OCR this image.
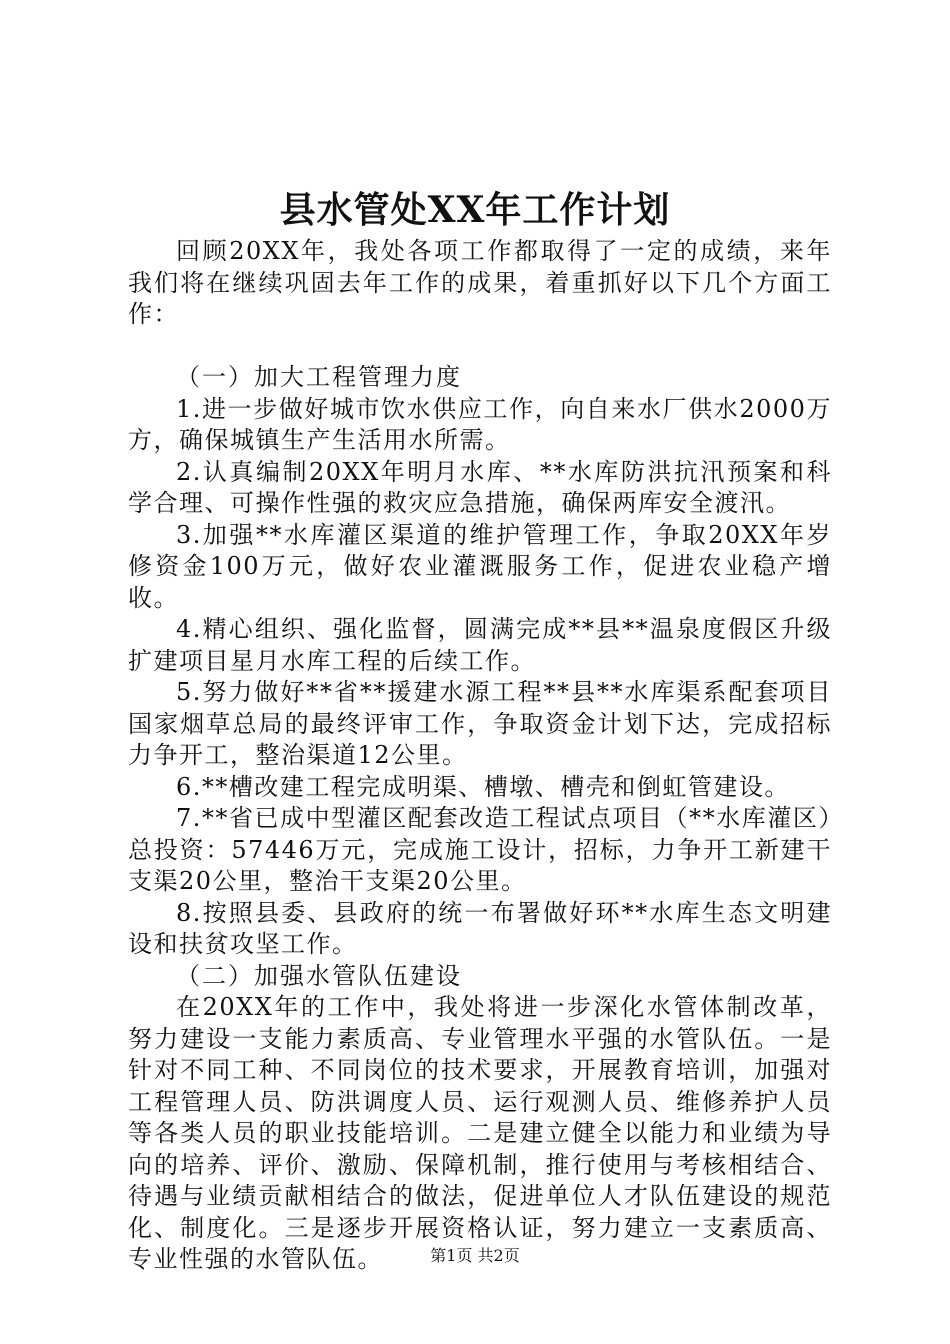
县水管处XX年工作计划

回顾20XX年，我处各项工作都取得了一定的成绩，来年我们将在继续巩固去年工作的成果，着重抓好以下几个方面工作：

（一）加大工程管理力度

1.进一步做好城市饮水供应工作，向自来水厂供水2000万方，确保城镇生产生活用水所需。

2.认真编制20XX年明月水库、**水库防洪抗汛预案和科学合理、可操作性强的救灾应急措施，确保两库安全渡汛。

3.加强**水库灌区渠道的维护管理工作，争取20XX年岁修资金100万元，做好农业灌溉服务工作，促进农业稳产增收。

4.精心组织、强化监督，圆满完成**县**温泉度假区升级扩建项目星月水库工程的后续工作。

5.努力做好**省**援建水源工程**县**水库渠系配套项目国家烟草总局的最终评审工作，争取资金计划下达，完成招标力争开工，整治渠道12公里。

6.**槽改建工程完成明渠、槽墩、槽壳和倒虹管建设。

7.**省已成中型灌区配套改造工程试点项目（**水库灌区）总投资：57446万元，完成施工设计，招标，力争开工新建干支渠20公里，整治干支渠20公里。

8.按照县委、县政府的统一布署做好环**水库生态文明建设和扶贫攻坚工作。

（二）加强水管队伍建设

在20XX年的工作中，我处将进一步深化水管体制改革，努力建设一支能力素质高、专业管理水平强的水管队伍。一是针对不同工种、不同岗位的技术要求，开展教育培训，加强对工程管理人员、防洪调度人员、运行观测人员、维修养护人员等各类人员的职业技能培训。二是建立健全以能力和业绩为导向的培养、评价、激励、保障机制，推行使用与考核相结合、待遇与业绩贡献相结合的做法，促进单位人才队伍建设的规范化、制度化。三是逐步开展资格认证，努力建立一支素质高、专业性强的水管队伍。	第1页 共2页
